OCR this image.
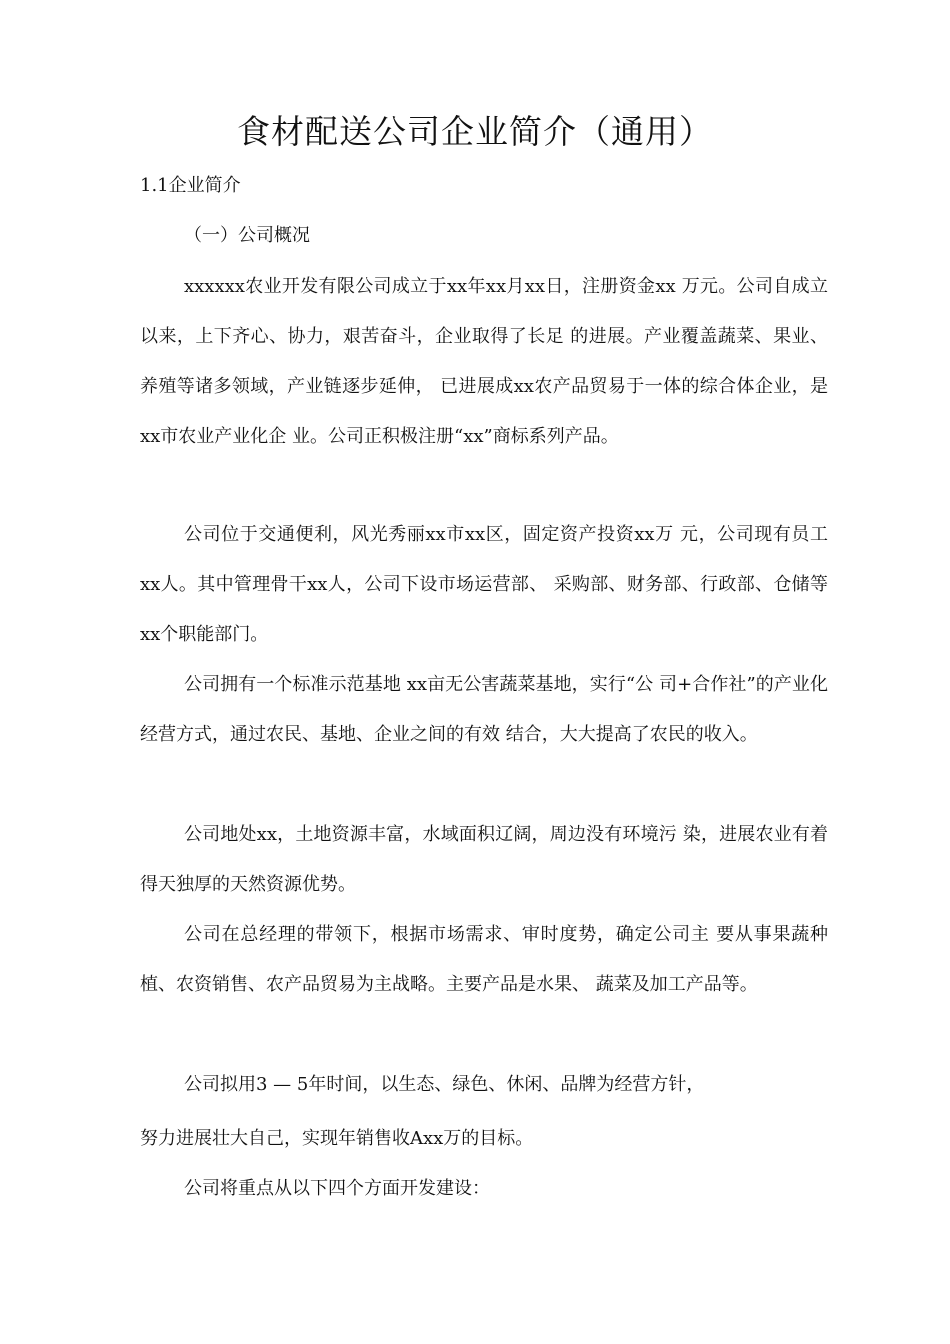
食材配送公司企业简介（通用）
1.1企业简介
（一）公司概况

xxxxxx农业开发有限公司成立于xx年xx月xx日，注册资金xx 万元。公司自成立以来，上下齐心、协力，艰苦奋斗，企业取得了长足 的进展。产业覆盖蔬菜、果业、养殖等诸多领域，产业链逐步延伸， 已进展成xx农产品贸易于一体的综合体企业，是 xx市农业产业化企 业。公司正积极注册“xx”商标系列产品。

公司位于交通便利，风光秀丽xx市xx区，固定资产投资xx万 元，公司现有员工xx人。其中管理骨干xx人，公司下设市场运营部、 采购部、财务部、行政部、仓储等xx个职能部门。

公司拥有一个标准示范基地 xx亩无公害蔬菜基地，实行“公 司+合作社”的产业化经营方式，通过农民、基地、企业之间的有效 结合，大大提高了农民的收入。

公司地处xx，土地资源丰富，水域面积辽阔，周边没有环境污 染，进展农业有着得天独厚的天然资源优势。

公司在总经理的带领下，根据市场需求、审时度势，确定公司主 要从事果蔬种植、农资销售、农产品贸易为主战略。主要产品是水果、 蔬菜及加工产品等。

公司拟用3 — 5年时间，以生态、绿色、休闲、品牌为经营方针，

努力进展壮大自己，实现年销售收Axx万的目标。

公司将重点从以下四个方面开发建设：
